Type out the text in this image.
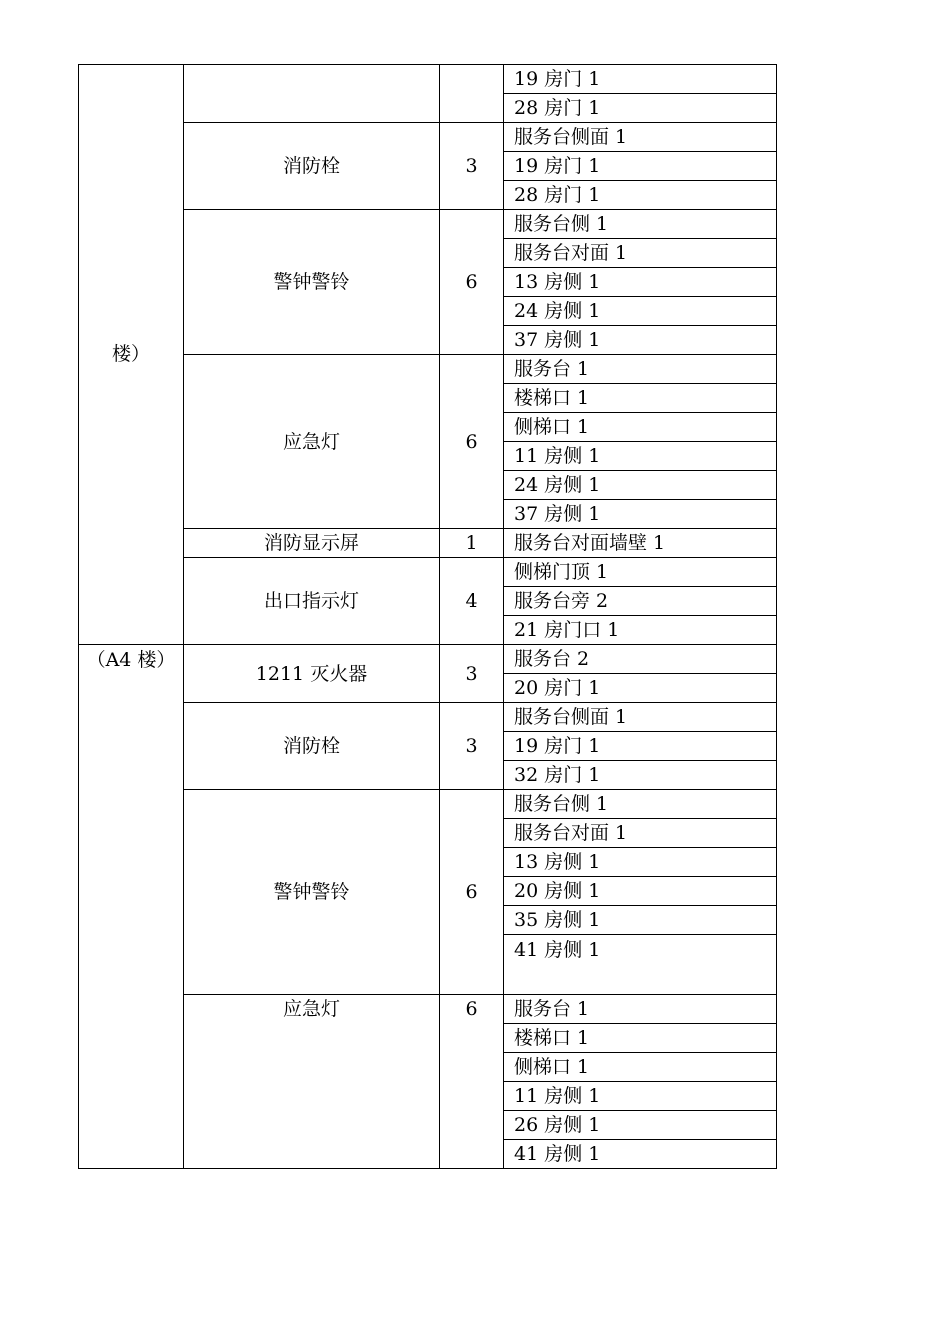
楼）			19 房门 1
			28 房门 1
	消防栓	3	服务台侧面 1
			19 房门 1
			28 房门 1
	警钟警铃	6	服务台侧 1
			服务台对面 1
			13 房侧 1
			24 房侧 1
			37 房侧 1
	应急灯	6	服务台 1
			楼梯口 1
			侧梯口 1
			11 房侧 1
			24 房侧 1
			37 房侧 1
	消防显示屏	1	服务台对面墙壁 1
	出口指示灯	4	侧梯门顶 1
			服务台旁 2
			21 房门口 1
（A4 楼）	1211 灭火器	3	服务台 2
			20 房门 1
	消防栓	3	服务台侧面 1
			19 房门 1
			32 房门 1
	警钟警铃	6	服务台侧 1
			服务台对面 1
			13 房侧 1
			20 房侧 1
			35 房侧 1
			41 房侧 1
	应急灯	6	服务台 1
			楼梯口 1
			侧梯口 1
			11 房侧 1
			26 房侧 1
			41 房侧 1
